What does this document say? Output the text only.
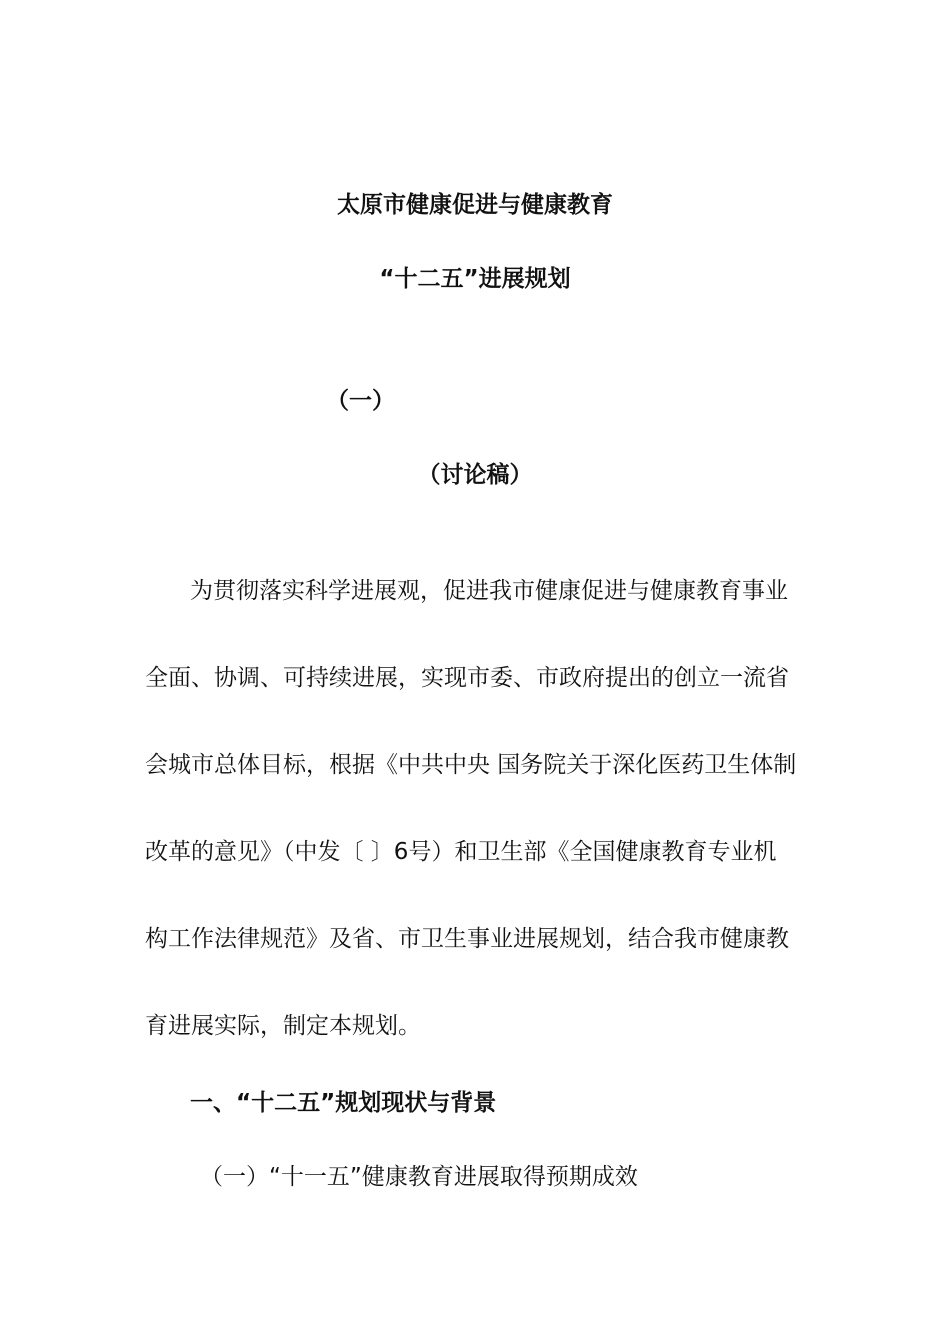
太原市健康促进与健康教育
“十二五”进展规划
（一）
（讨论稿）
为贯彻落实科学进展观，促进我市健康促进与健康教育事业
全面、协调、可持续进展，实现市委、市政府提出的创立一流省
会城市总体目标，根据《中共中央 国务院关于深化医药卫生体制
改革的意见》（中发〔 〕6号）和卫生部《全国健康教育专业机
构工作法律规范》及省、市卫生事业进展规划，结合我市健康教
育进展实际，制定本规划。
一、“十二五”规划现状与背景
（一）“十一五”健康教育进展取得预期成效
